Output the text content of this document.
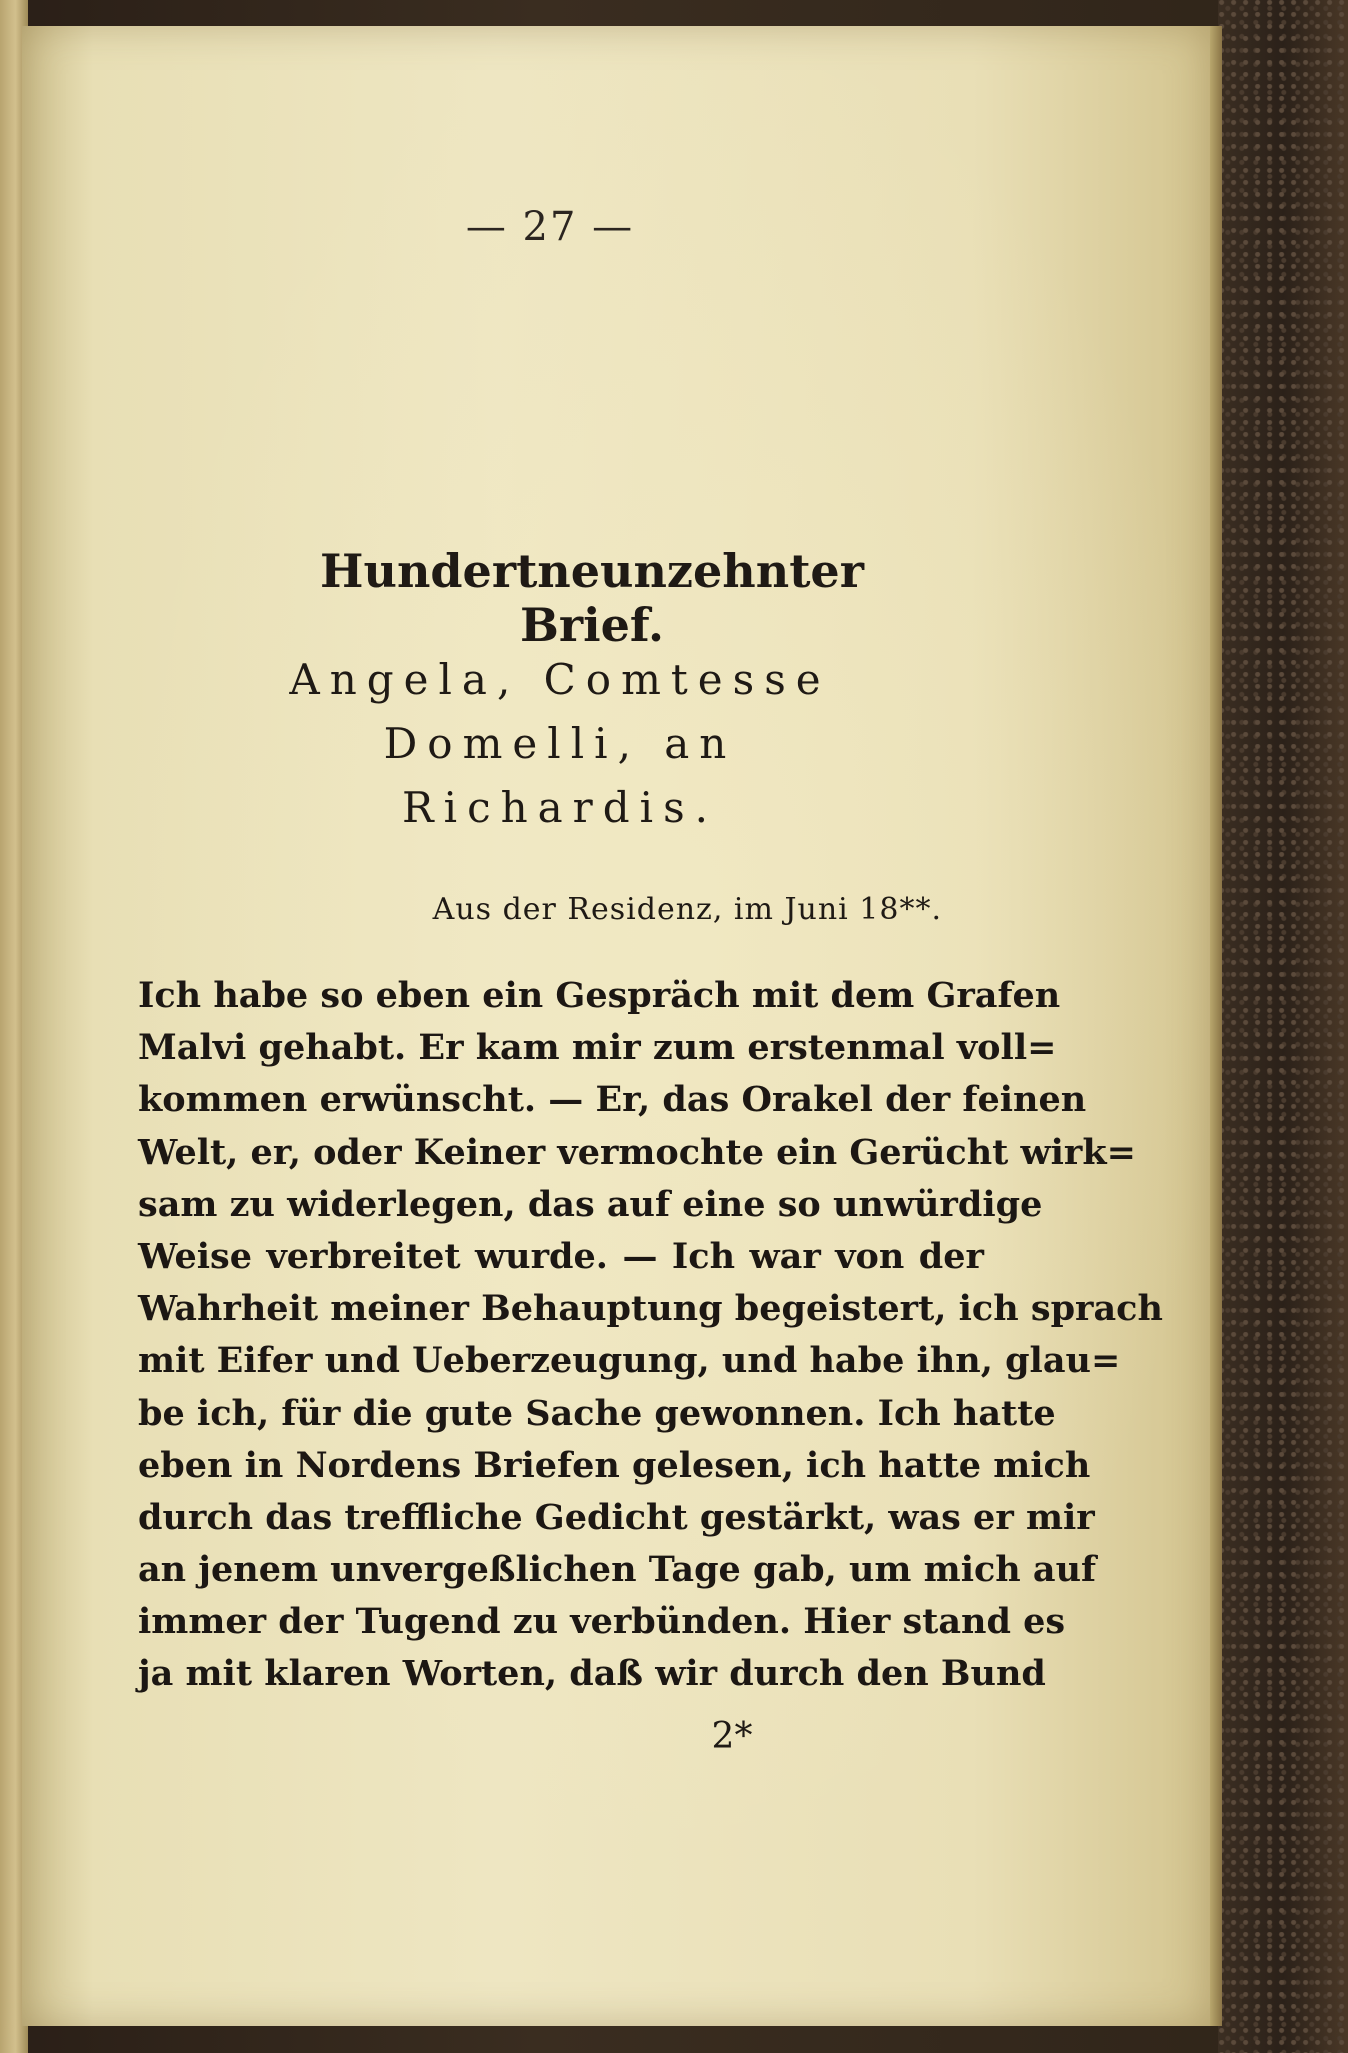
— 27 —
Hundertneunzehnter Brief.
Angela, Comtesse Domelli, an
Richardis.
Aus der Residenz, im Juni 18**.
Ich habe so eben ein Gespräch mit dem Grafen
Malvi gehabt. Er kam mir zum erstenmal voll=
kommen erwünscht. — Er, das Orakel der feinen
Welt, er, oder Keiner vermochte ein Gerücht wirk=
sam zu widerlegen, das auf eine so unwürdige
Weise verbreitet wurde. — Ich war von der
Wahrheit meiner Behauptung begeistert, ich sprach
mit Eifer und Ueberzeugung, und habe ihn, glau=
be ich, für die gute Sache gewonnen. Ich hatte
eben in Nordens Briefen gelesen, ich hatte mich
durch das treffliche Gedicht gestärkt, was er mir
an jenem unvergeßlichen Tage gab, um mich auf
immer der Tugend zu verbünden. Hier stand es
ja mit klaren Worten, daß wir durch den Bund
2*
